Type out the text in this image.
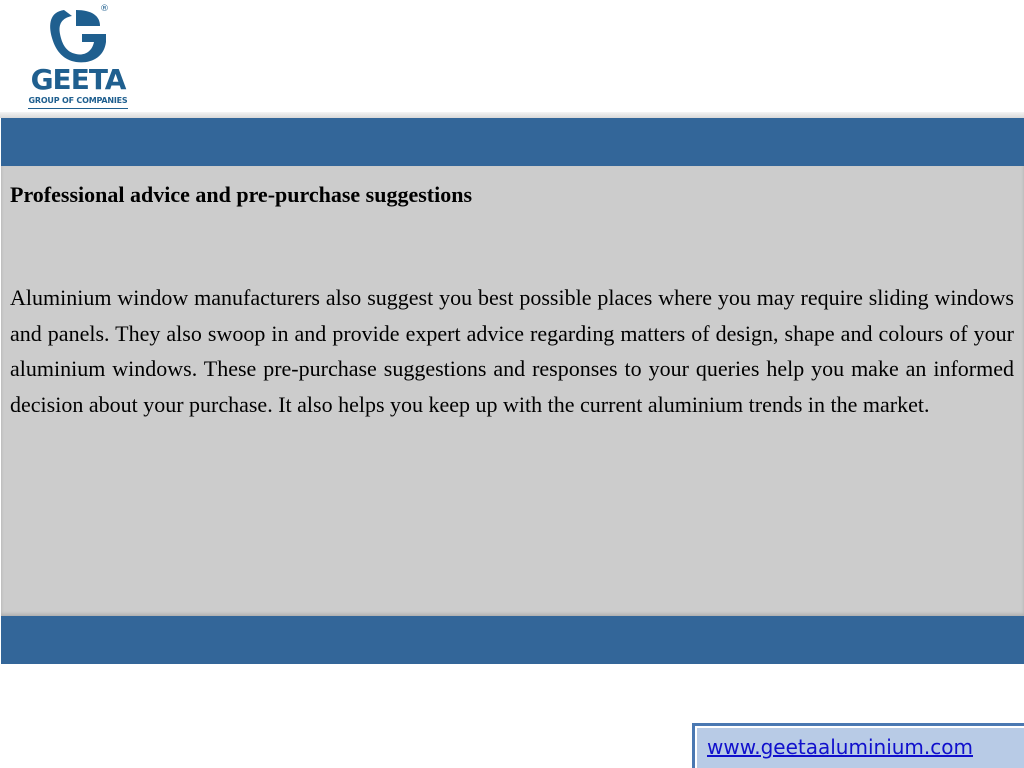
®
GEETA
GROUP OF COMPANIES
Professional advice and pre-purchase suggestions

Aluminium window manufacturers also suggest you best possible places where you may require sliding windows and panels. They also swoop in and provide expert advice regarding matters of design, shape and colours of your aluminium windows. These pre-purchase suggestions and responses to your queries help you make an informed decision about your purchase. It also helps you keep up with the current aluminium trends in the market.

www.geetaaluminium.com
